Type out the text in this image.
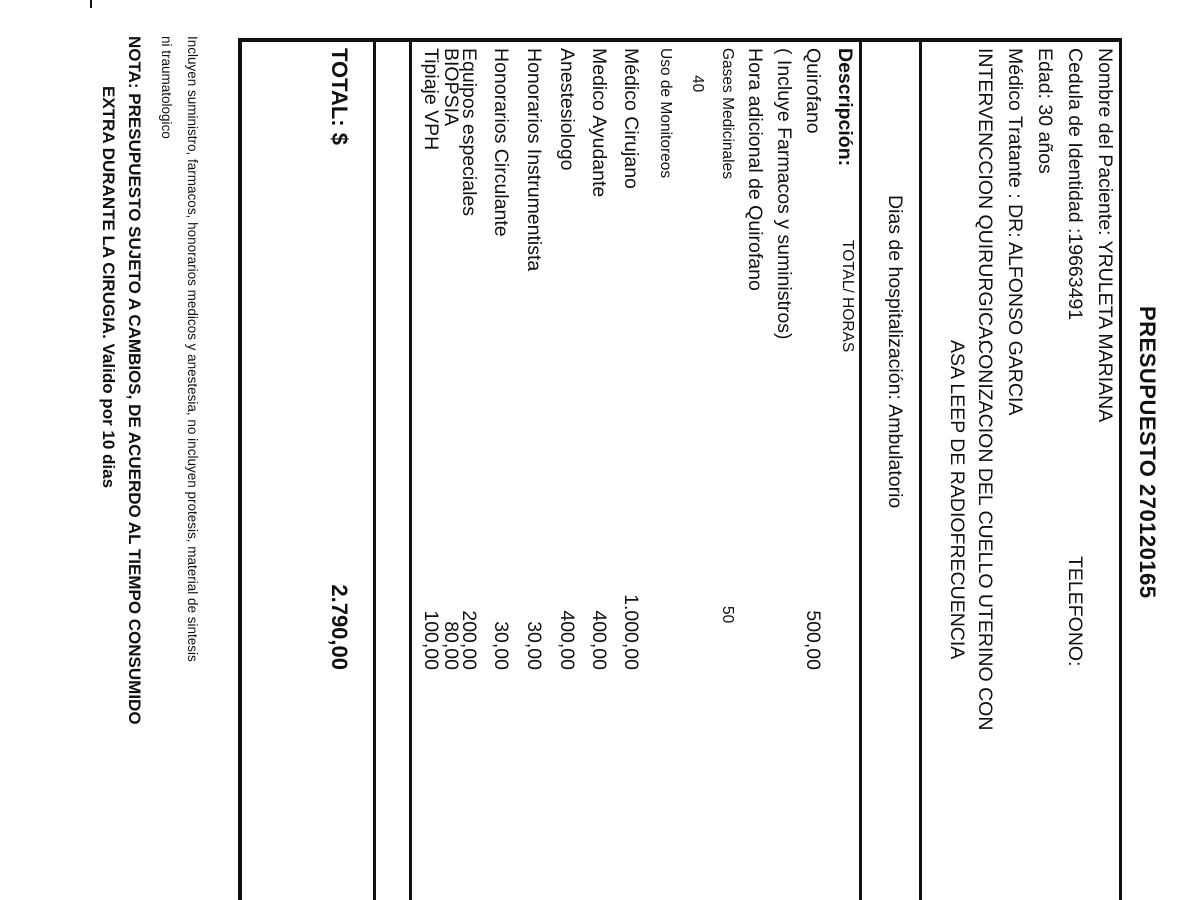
PRESUPUESTO 270120165
Nombre del Paciente: YRULETA MARIANA
Cedula de Identidad :19663491
TELEFONO:
Edad: 30 años
Médico Tratante : DR: ALFONSO GARCIA
INTERVENCCION QUIRURGICA:
CONIZACION DEL CUELLO UTERINO CON
ASA LEEP DE RADIOFRECUENCIA
Dias de hospitalización: Ambulatorio
Descripción:
TOTAL/ HORAS
Quirofano
500,00
( Incluye Farmacos y suministros)
Hora adicional de Quirofano
Gases Medicinales
50
40
Uso de Monitoreos
Médico Cirujano
1.000,00
Medico Ayudante
400,00
Anestesiologo
400,00
Honorarios Instrumentista
30,00
Honorarios Circulante
30,00
Equipos especiales
200,00
BIOPSIA
80,00
Tipiaje VPH
100,00
TOTAL: $
2.790,00
Incluyen suministro, farmacos, honorarios medicos y anestesia, no incluyen protesis, material de sintesis
ni traumatologico
NOTA: PRESUPUESTO SUJETO A CAMBIOS, DE ACUERDO AL TIEMPO CONSUMIDO
EXTRA DURANTE LA CIRUGIA. Valido por 10 dias
